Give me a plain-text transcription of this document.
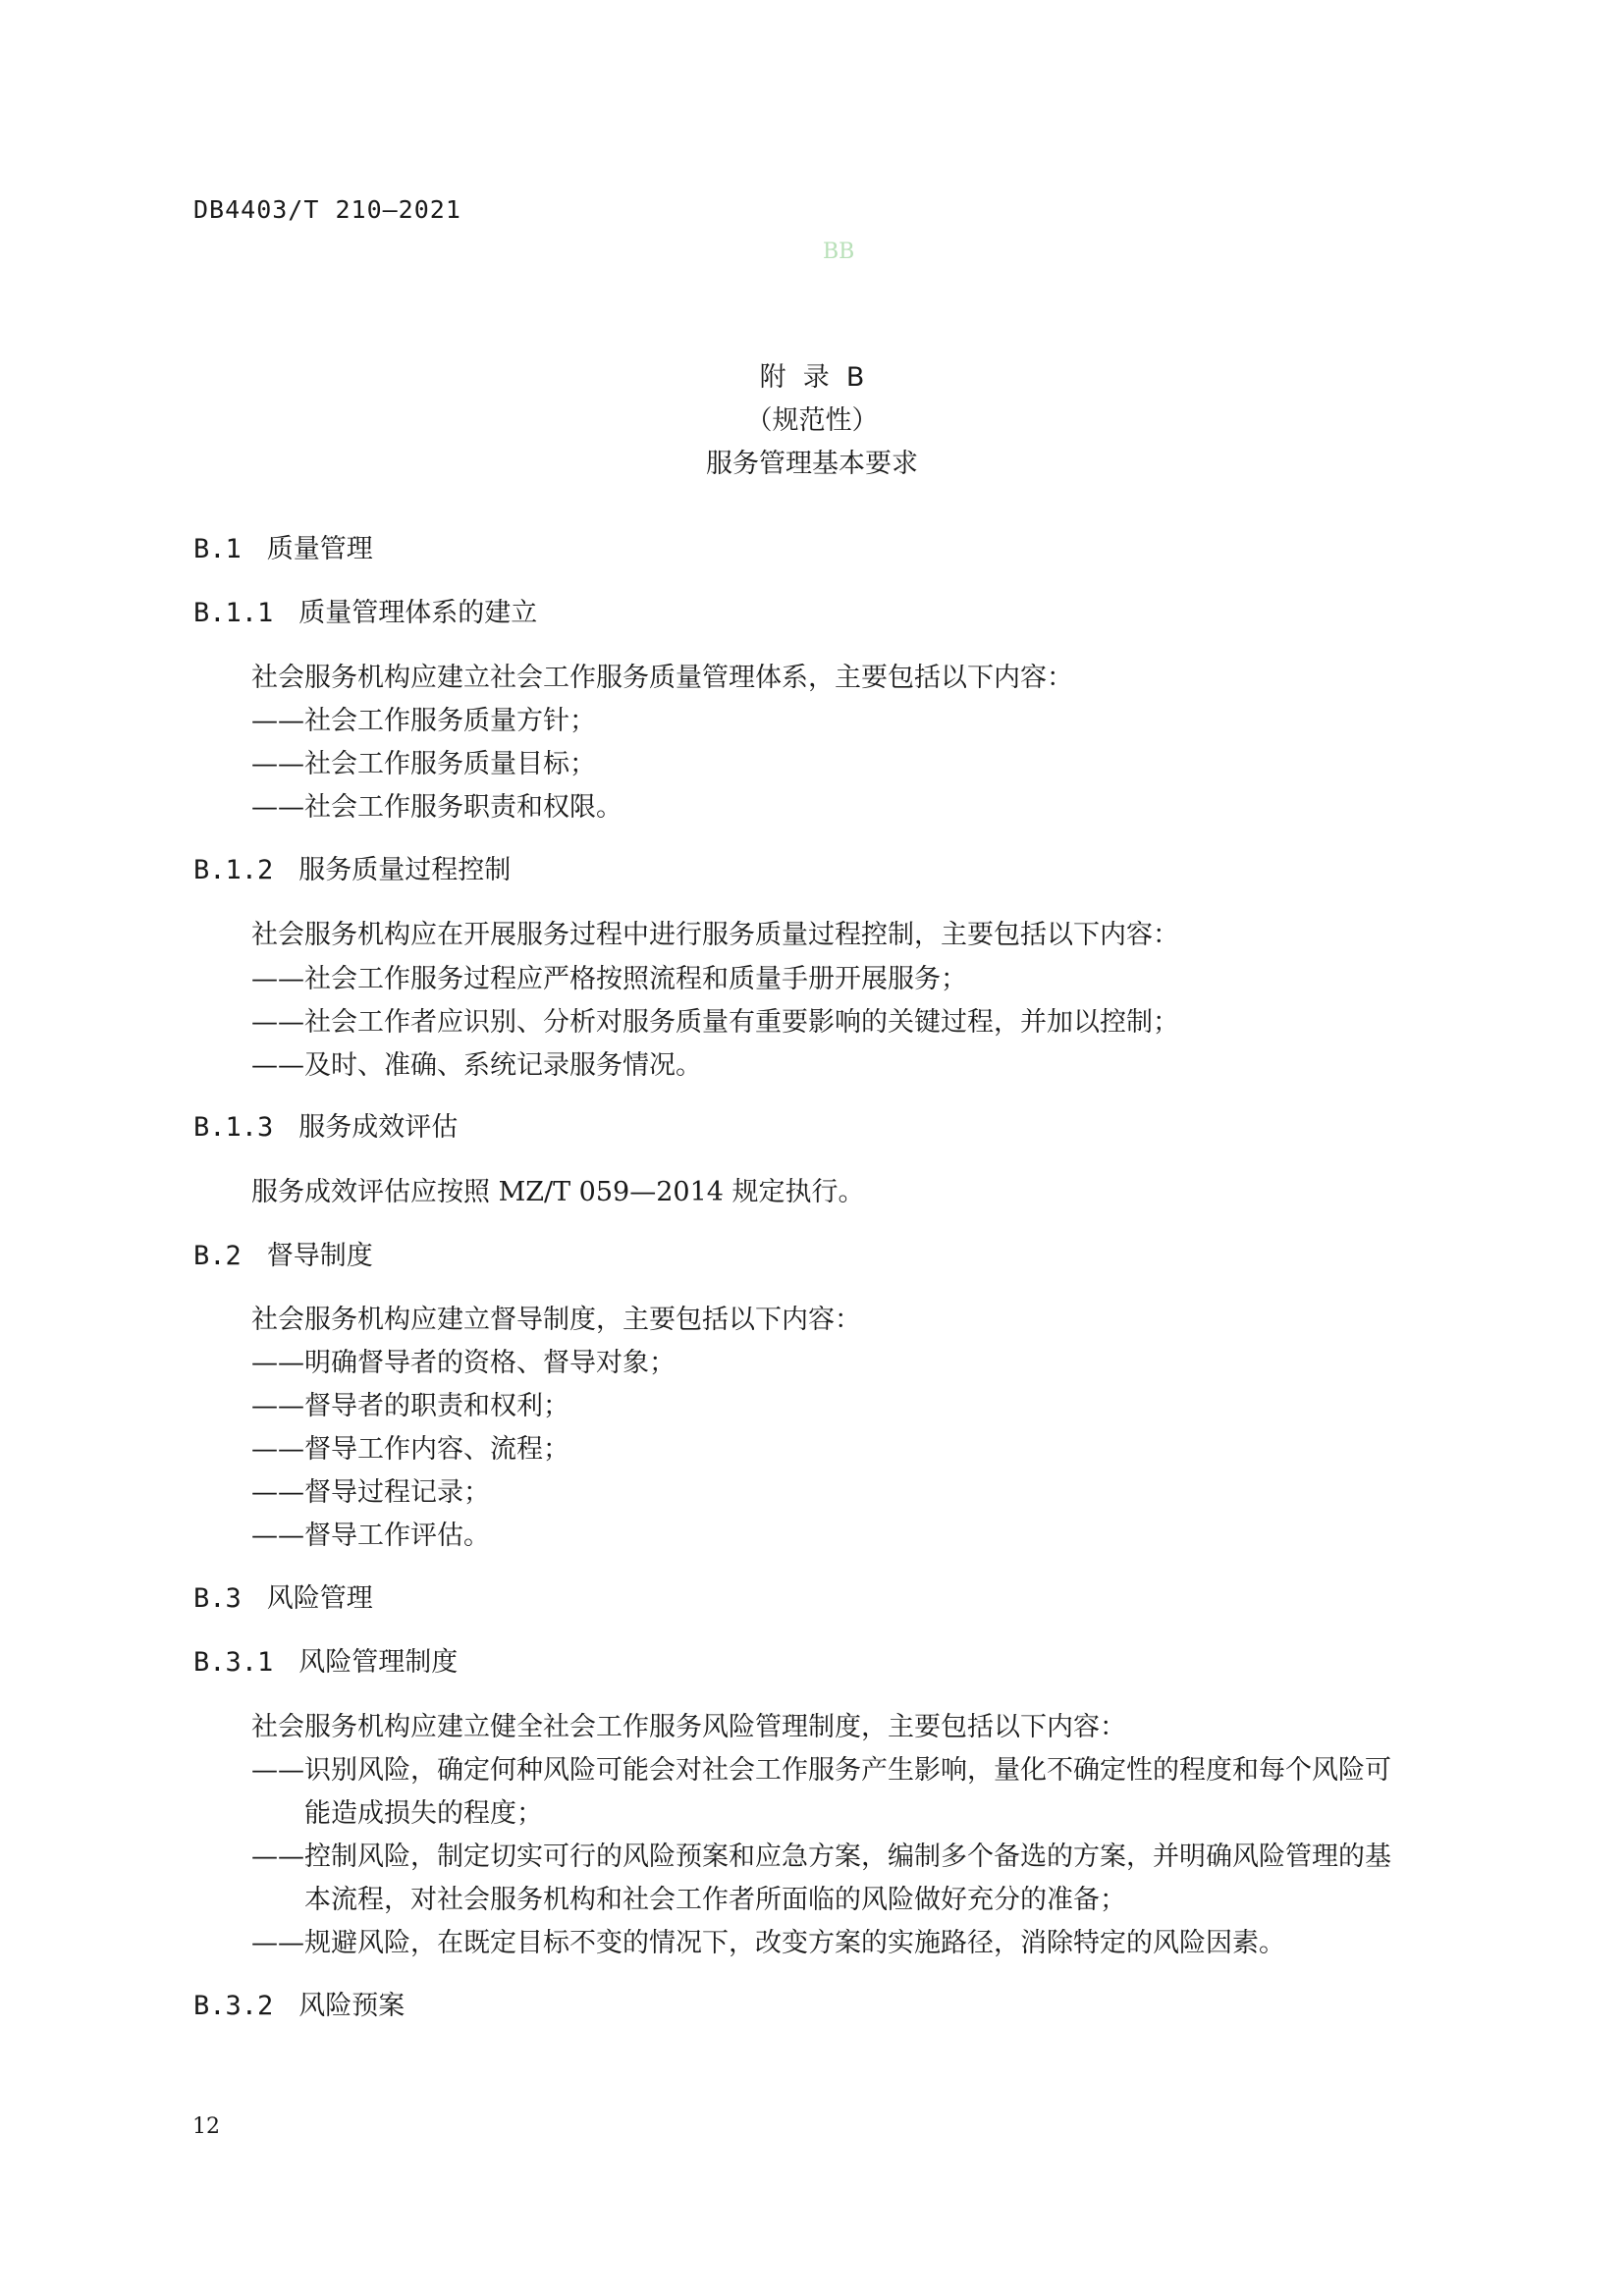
DB4403/T 210—2021
BB
附  录  B
（规范性）
服务管理基本要求
B.1 质量管理
B.1.1 质量管理体系的建立
社会服务机构应建立社会工作服务质量管理体系，主要包括以下内容：
——社会工作服务质量方针；
——社会工作服务质量目标；
——社会工作服务职责和权限。
B.1.2 服务质量过程控制
社会服务机构应在开展服务过程中进行服务质量过程控制，主要包括以下内容：
——社会工作服务过程应严格按照流程和质量手册开展服务；
——社会工作者应识别、分析对服务质量有重要影响的关键过程，并加以控制；
——及时、准确、系统记录服务情况。
B.1.3 服务成效评估
服务成效评估应按照 MZ/T 059—2014 规定执行。
B.2 督导制度
社会服务机构应建立督导制度，主要包括以下内容：
——明确督导者的资格、督导对象；
——督导者的职责和权利；
——督导工作内容、流程；
——督导过程记录；
——督导工作评估。
B.3 风险管理
B.3.1 风险管理制度
社会服务机构应建立健全社会工作服务风险管理制度，主要包括以下内容：
——识别风险，确定何种风险可能会对社会工作服务产生影响，量化不确定性的程度和每个风险可
能造成损失的程度；
——控制风险，制定切实可行的风险预案和应急方案，编制多个备选的方案，并明确风险管理的基
本流程，对社会服务机构和社会工作者所面临的风险做好充分的准备；
——规避风险，在既定目标不变的情况下，改变方案的实施路径，消除特定的风险因素。
B.3.2 风险预案
12
